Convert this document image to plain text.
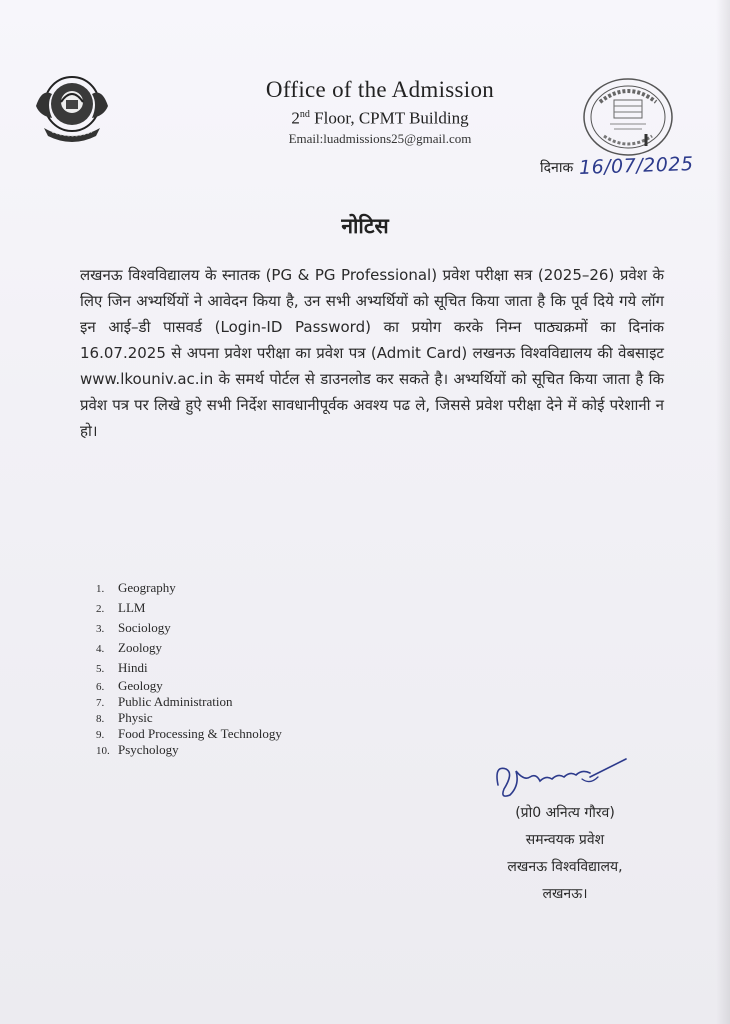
Office of the Admission
2nd Floor, CPMT Building
Email:luadmissions25@gmail.com
दिनाक 16/07/2025
नोटिस
लखनऊ विश्वविद्यालय के स्नातक (PG & PG Professional) प्रवेश परीक्षा सत्र (2025–26) प्रवेश के लिए जिन अभ्यर्थियों ने आवेदन किया है, उन सभी अभ्यर्थियों को सूचित किया जाता है कि पूर्व दिये गये लॉग इन आई–डी पासवर्ड (Login-ID Password) का प्रयोग करके निम्न पाठ्यक्रमों का दिनांक 16.07.2025 से अपना प्रवेश परीक्षा का प्रवेश पत्र (Admit Card) लखनऊ विश्वविद्यालय की वेबसाइट www.lkouniv.ac.in के समर्थ पोर्टल से डाउनलोड कर सकते है। अभ्यर्थियों को सूचित किया जाता है कि प्रवेश पत्र पर लिखे हुऐ सभी निर्देश सावधानीपूर्वक अवश्य पढ ले, जिससे प्रवेश परीक्षा देने में कोई परेशानी न हो।
1. Geography
2. LLM
3. Sociology
4. Zoology
5. Hindi
6. Geology
7. Public Administration
8. Physic
9. Food Processing & Technology
10. Psychology
(प्रो0 अनित्य गौरव)
समन्वयक प्रवेश
लखनऊ विश्वविद्यालय,
लखनऊ।
